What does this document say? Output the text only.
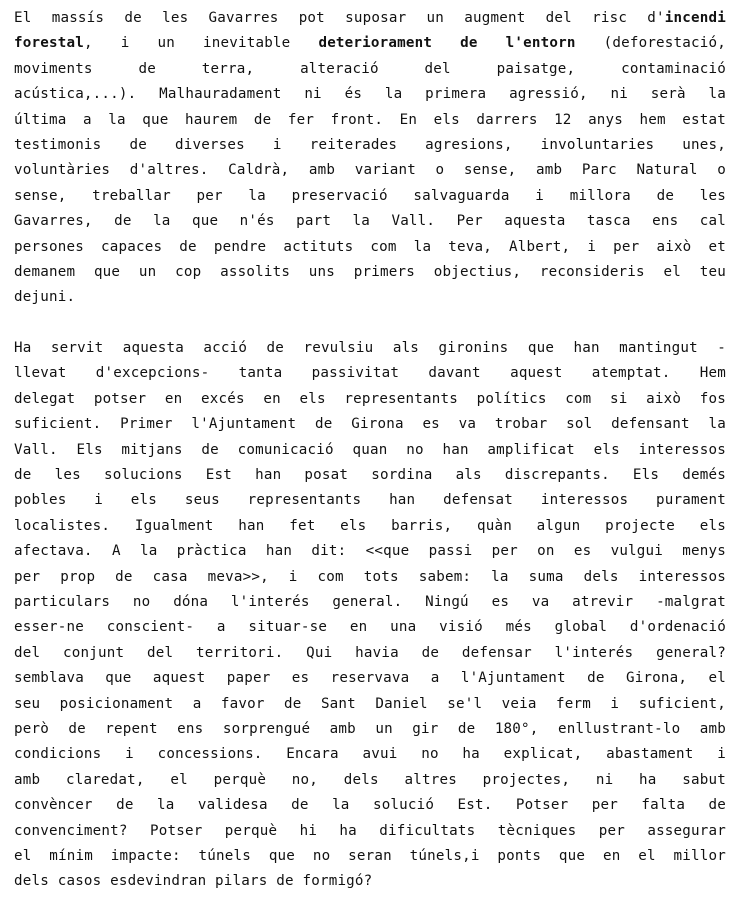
El massís de les Gavarres pot suposar un augment del risc d'incendi
forestal, i un inevitable deteriorament de l'entorn (deforestació,
moviments de terra, alteració del paisatge, contaminació
acústica,...). Malhauradament ni és la primera agressió, ni serà la
última a la que haurem de fer front. En els darrers 12 anys hem estat
testimonis de diverses i reiterades agresions, involuntaries unes,
voluntàries d'altres. Caldrà, amb variant o sense, amb Parc Natural o
sense, treballar per la preservació salvaguarda i millora de les
Gavarres, de la que n'és part la Vall. Per aquesta tasca ens cal
persones capaces de pendre actituts com la teva, Albert, i per això et
demanem que un cop assolits uns primers objectius, reconsideris el teu
dejuni.
Ha servit aquesta acció de revulsiu als gironins que han mantingut -
llevat d'excepcions- tanta passivitat davant aquest atemptat. Hem
delegat potser en excés en els representants polítics com si això fos
suficient. Primer l'Ajuntament de Girona es va trobar sol defensant la
Vall. Els mitjans de comunicació quan no han amplificat els interessos
de les solucions Est han posat sordina als discrepants. Els demés
pobles i els seus representants han defensat interessos purament
localistes. Igualment han fet els barris, quàn algun projecte els
afectava. A la pràctica han dit: <<que passi per on es vulgui menys
per prop de casa meva>>, i com tots sabem: la suma dels interessos
particulars no dóna l'interés general. Ningú es va atrevir -malgrat
esser-ne conscient- a situar-se en una visió més global d'ordenació
del conjunt del territori. Qui havia de defensar l'interés general?
semblava que aquest paper es reservava a l'Ajuntament de Girona, el
seu posicionament a favor de Sant Daniel se'l veia ferm i suficient,
però de repent ens sorprengué amb un gir de 180°, enllustrant-lo amb
condicions i concessions. Encara avui no ha explicat, abastament i
amb claredat, el perquè no, dels altres projectes, ni ha sabut
convèncer de la validesa de la solució Est. Potser per falta de
convenciment? Potser perquè hi ha dificultats tècniques per assegurar
el mínim impacte: túnels que no seran túnels,i ponts que en el millor
dels casos esdevindran pilars de formigó?
